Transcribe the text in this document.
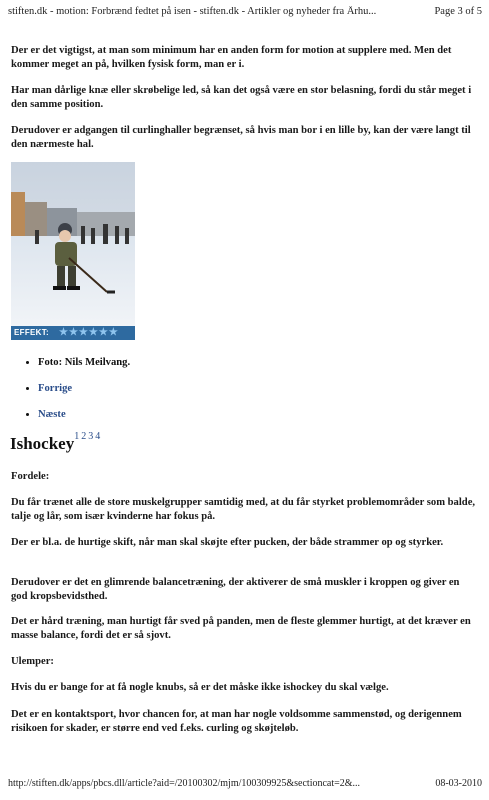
stiften.dk - motion: Forbrænd fedtet på isen - stiften.dk - Artikler og nyheder fra Århu...	Page 3 of 5
Der er det vigtigst, at man som minimum har en anden form for motion at supplere med. Men det kommer meget an på, hvilken fysisk form, man er i.
Har man dårlige knæ eller skrøbelige led, så kan det også være en stor belasning, fordi du står meget i den samme position.
Derudover er adgangen til curlinghaller begrænset, så hvis man bor i en lille by, kan der være langt til den nærmeste hal.
EFFEKT: ★★★★★★
• Foto: Nils Meilvang.
• Forrige
• Næste
Ishockey$^{1 2 3 4}$
Fordele:
Du får trænet alle de store muskelgrupper samtidig med, at du får styrket problemområder som balde, talje og lår, som især kvinderne har fokus på.
Der er bl.a. de hurtige skift, når man skal skøjte efter pucken, der både strammer op og styrker.
Derudover er det en glimrende balancetræning, der aktiverer de små muskler i kroppen og giver en god kropsbevidsthed.
Det er hård træning, man hurtigt får sved på panden, men de fleste glemmer hurtigt, at det kræver en masse balance, fordi det er så sjovt.
Ulemper:
Hvis du er bange for at få nogle knubs, så er det måske ikke ishockey du skal vælge.
Det er en kontaktsport, hvor chancen for, at man har nogle voldsomme sammenstød, og derigennem risikoen for skader, er større end ved f.eks. curling og skøjteløb.
http://stiften.dk/apps/pbcs.dll/article?aid=/20100302/mjm/100309925&sectioncat=2&...	08-03-2010
